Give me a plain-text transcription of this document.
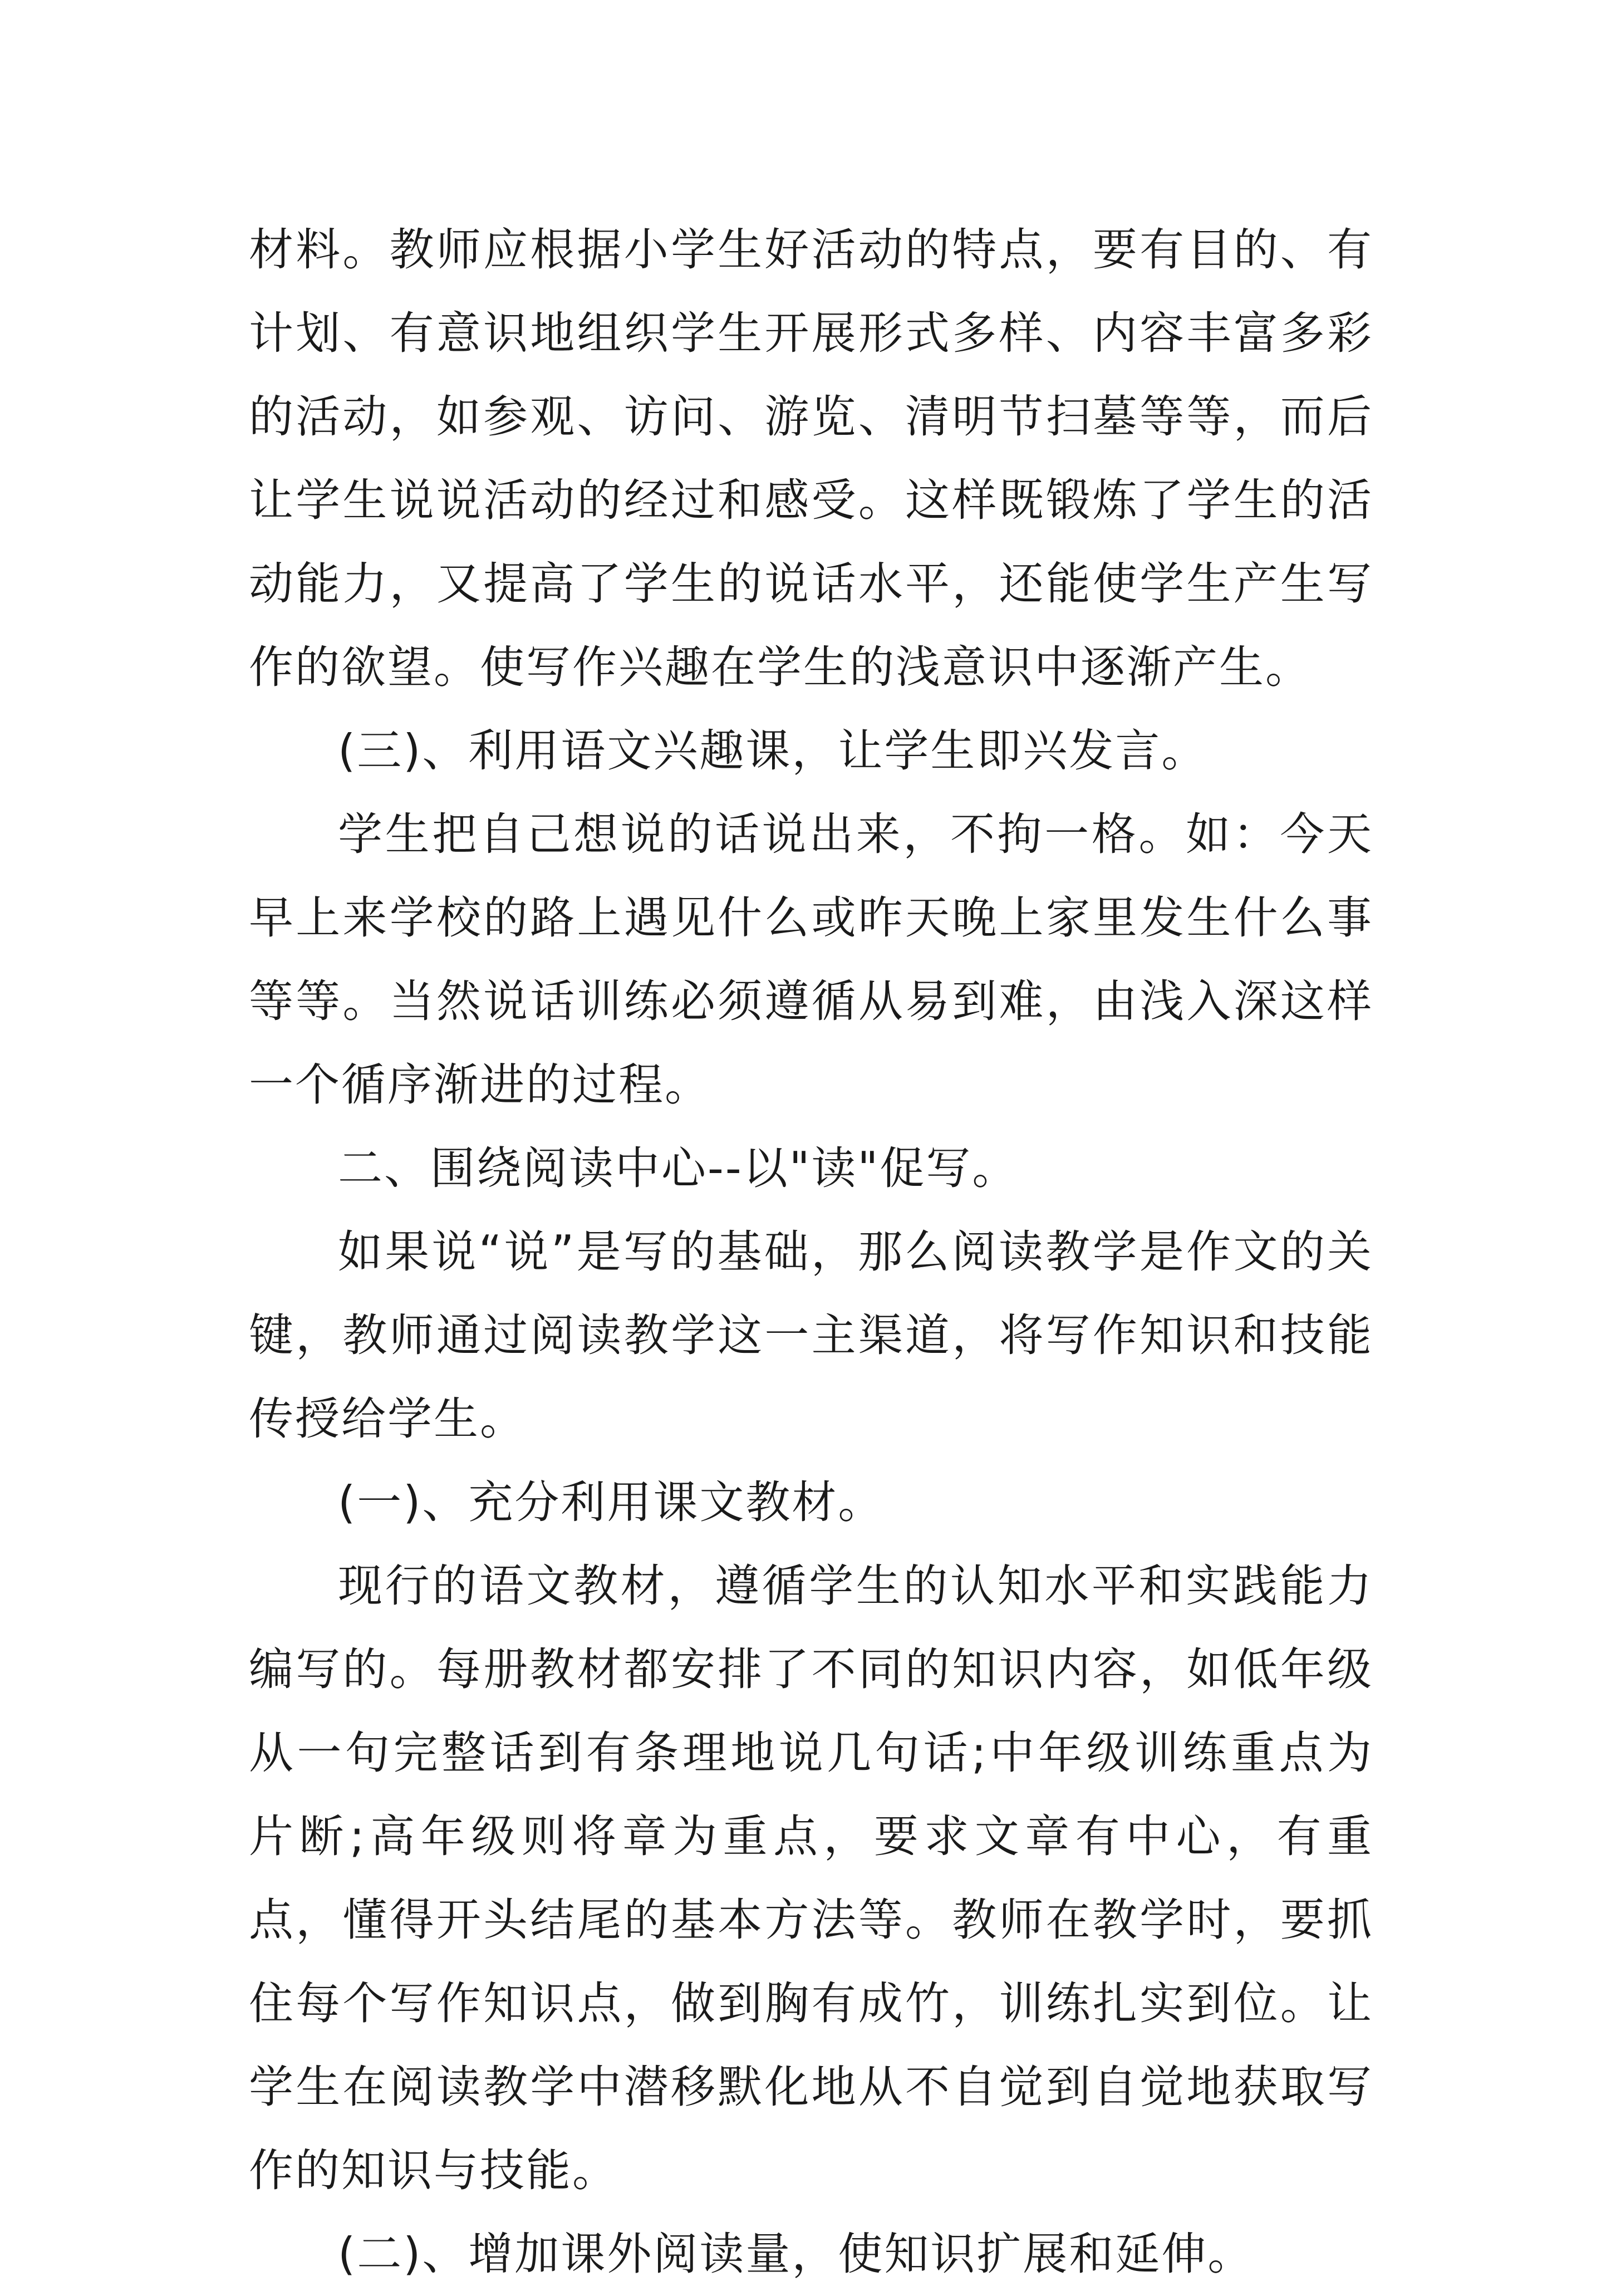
材料。教师应根据小学生好活动的特点，要有目的、有计划、有意识地组织学生开展形式多样、内容丰富多彩的活动，如参观、访问、游览、清明节扫墓等等，而后让学生说说活动的经过和感受。这样既锻炼了学生的活动能力，又提高了学生的说话水平，还能使学生产生写作的欲望。使写作兴趣在学生的浅意识中逐渐产生。

(三)、利用语文兴趣课，让学生即兴发言。

学生把自己想说的话说出来，不拘一格。如：今天早上来学校的路上遇见什么或昨天晚上家里发生什么事等等。当然说话训练必须遵循从易到难，由浅入深这样一个循序渐进的过程。

二、围绕阅读中心--以"读"促写。

如果说“说”是写的基础，那么阅读教学是作文的关键，教师通过阅读教学这一主渠道，将写作知识和技能传授给学生。

(一)、充分利用课文教材。

现行的语文教材，遵循学生的认知水平和实践能力编写的。每册教材都安排了不同的知识内容，如低年级从一句完整话到有条理地说几句话;中年级训练重点为片断;高年级则将章为重点，要求文章有中心，有重点，懂得开头结尾的基本方法等。教师在教学时，要抓住每个写作知识点，做到胸有成竹，训练扎实到位。让学生在阅读教学中潜移默化地从不自觉到自觉地获取写作的知识与技能。

(二)、增加课外阅读量，使知识扩展和延伸。
